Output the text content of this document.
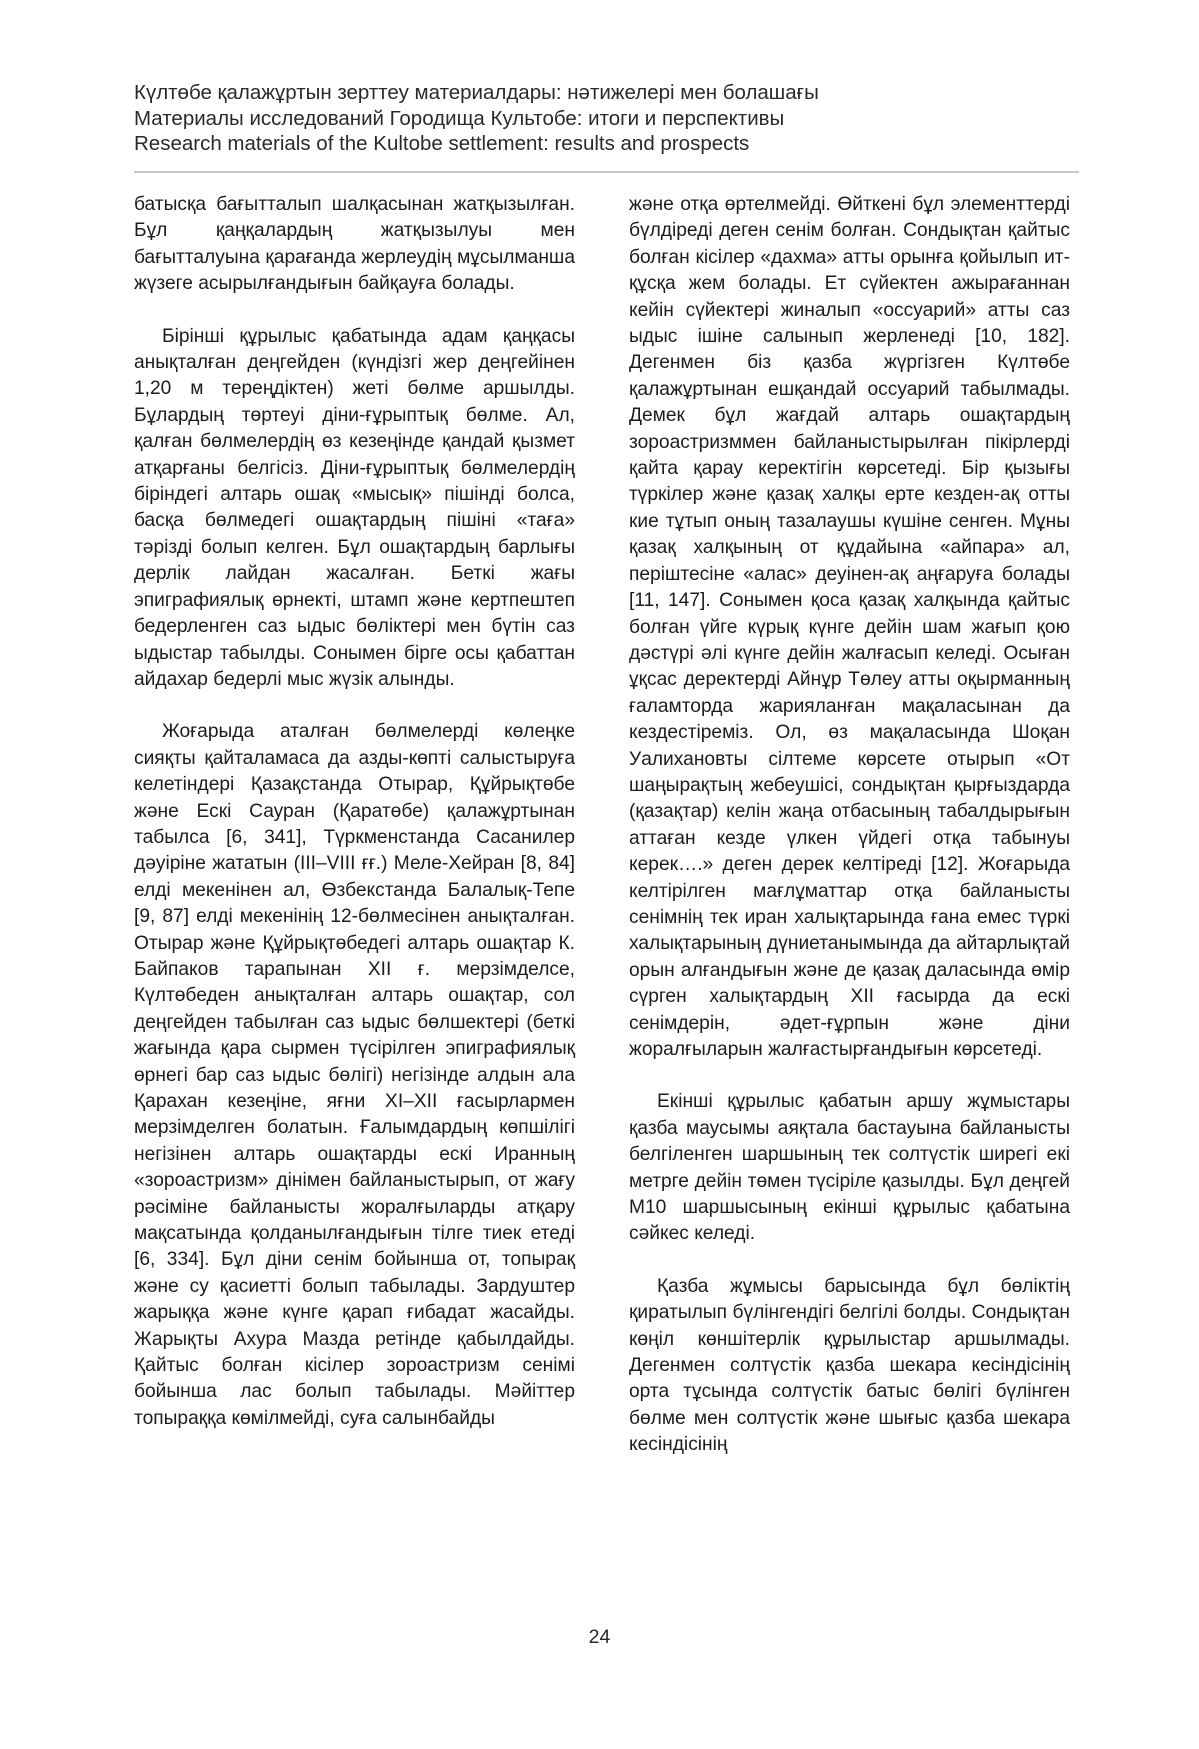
Күлтөбе қалажұртын зерттеу материалдары: нәтижелері мен болашағы
Материалы исследований Городища Культобе: итоги и перспективы
Research materials of the Kultobe settlement: results and prospects

батысқа бағытталып шалқасынан жатқызылған. Бұл қаңқалардың жатқызылуы мен бағытталуына қарағанда жерлеудің мұсылманша жүзеге асырылғандығын байқауға болады.

Бірінші құрылыс қабатында адам қаңқасы анықталған деңгейден (күндізгі жер деңгейінен 1,20 м тереңдіктен) жеті бөлме аршылды. Бұлардың төртеуі діни-ғұрыптық бөлме. Ал, қалған бөлмелердің өз кезеңінде қандай қызмет атқарғаны белгісіз. Діни-ғұрыптық бөлмелердің біріндегі алтарь ошақ «мысық» пішінді болса, басқа бөлмедегі ошақтардың пішіні «таға» тәрізді болып келген. Бұл ошақтардың барлығы дерлік лайдан жасалған. Беткі жағы эпиграфиялық өрнекті, штамп және кертпештеп бедерленген саз ыдыс бөліктері мен бүтін саз ыдыстар табылды. Сонымен бірге осы қабаттан айдахар бедерлі мыс жүзік алынды.

Жоғарыда аталған бөлмелерді көлеңке сияқты қайталамаса да азды-көпті салыстыруға келетіндері Қазақстанда Отырар, Құйрықтөбе және Ескі Сауран (Қаратөбе) қалажұртынан табылса [6, 341], Түркменстанда Сасанилер дәуіріне жататын (III–VIII ғғ.) Меле-Хейран [8, 84] елді мекенінен ал, Өзбекстанда Балалық-Тепе [9, 87] елді мекенінің 12-бөлмесінен анықталған. Отырар және Құйрықтөбедегі алтарь ошақтар К. Байпаков тарапынан XII ғ. мерзімделсе, Күлтөбеден анықталған алтарь ошақтар, сол деңгейден табылған саз ыдыс бөлшектері (беткі жағында қара сырмен түсірілген эпиграфиялық өрнегі бар саз ыдыс бөлігі) негізінде алдын ала Қарахан кезеңіне, яғни XI–XII ғасырлармен мерзімделген болатын. Ғалымдардың көпшілігі негізінен алтарь ошақтарды ескі Иранның «зороастризм» дінімен байланыстырып, от жағу рәсіміне байланысты жоралғыларды атқару мақсатында қолданылғандығын тілге тиек етеді [6, 334]. Бұл діни сенім бойынша от, топырақ және су қасиетті болып табылады. Зардуштер жарыққа және күнге қарап ғибадат жасайды. Жарықты Ахура Мазда ретінде қабылдайды. Қайтыс болған кісілер зороастризм сенімі бойынша лас болып табылады. Мәйіттер топыраққа көмілмейді, суға салынбайды

және отқа өртелмейді. Өйткені бұл элементтерді бүлдіреді деген сенім болған. Сондықтан қайтыс болған кісілер «дахма» атты орынға қойылып ит-құсқа жем болады. Ет сүйектен ажырағаннан кейін сүйектері жиналып «оссуарий» атты саз ыдыс ішіне салынып жерленеді [10, 182]. Дегенмен біз қазба жүргізген Күлтөбе қалажұртынан ешқандай оссуарий табылмады. Демек бұл жағдай алтарь ошақтардың зороастризммен байланыстырылған пікірлерді қайта қарау керектігін көрсетеді. Бір қызығы түркілер және қазақ халқы ерте кезден-ақ отты кие тұтып оның тазалаушы күшіне сенген. Мұны қазақ халқының от құдайына «айпара» ал, періштесіне «алас» деуінен-ақ аңғаруға болады [11, 147]. Сонымен қоса қазақ халқында қайтыс болған үйге күрық күнге дейін шам жағып қою дәстүрі әлі күнге дейін жалғасып келеді. Осыған ұқсас деректерді Айнұр Төлеу атты оқырманның ғаламторда жарияланған мақаласынан да кездестіреміз. Ол, өз мақаласында Шоқан Уалихановты сілтеме көрсете отырып «От шаңырақтың жебеушісі, сондықтан қырғыздарда (қазақтар) келін жаңа отбасының табалдырығын аттаған кезде үлкен үйдегі отқа табынуы керек….» деген дерек келтіреді [12]. Жоғарыда келтірілген мағлұматтар отқа байланысты сенімнің тек иран халықтарында ғана емес түркі халықтарының дүниетанымында да айтарлықтай орын алғандығын және де қазақ даласында өмір сүрген халықтардың XII ғасырда да ескі сенімдерін, әдет-ғұрпын және діни жоралғыларын жалғастырғандығын көрсетеді.

Екінші құрылыс қабатын аршу жұмыстары қазба маусымы аяқтала бастауына байланысты белгіленген шаршының тек солтүстік ширегі екі метрге дейін төмен түсіріле қазылды. Бұл деңгей М10 шаршысының екінші құрылыс қабатына сәйкес келеді.

Қазба жұмысы барысында бұл бөліктің қиратылып бүлінгендігі белгілі болды. Сондықтан көңіл көншітерлік құрылыстар аршылмады. Дегенмен солтүстік қазба шекара кесіндісінің орта тұсында солтүстік батыс бөлігі бүлінген бөлме мен солтүстік және шығыс қазба шекара кесіндісінің

24
